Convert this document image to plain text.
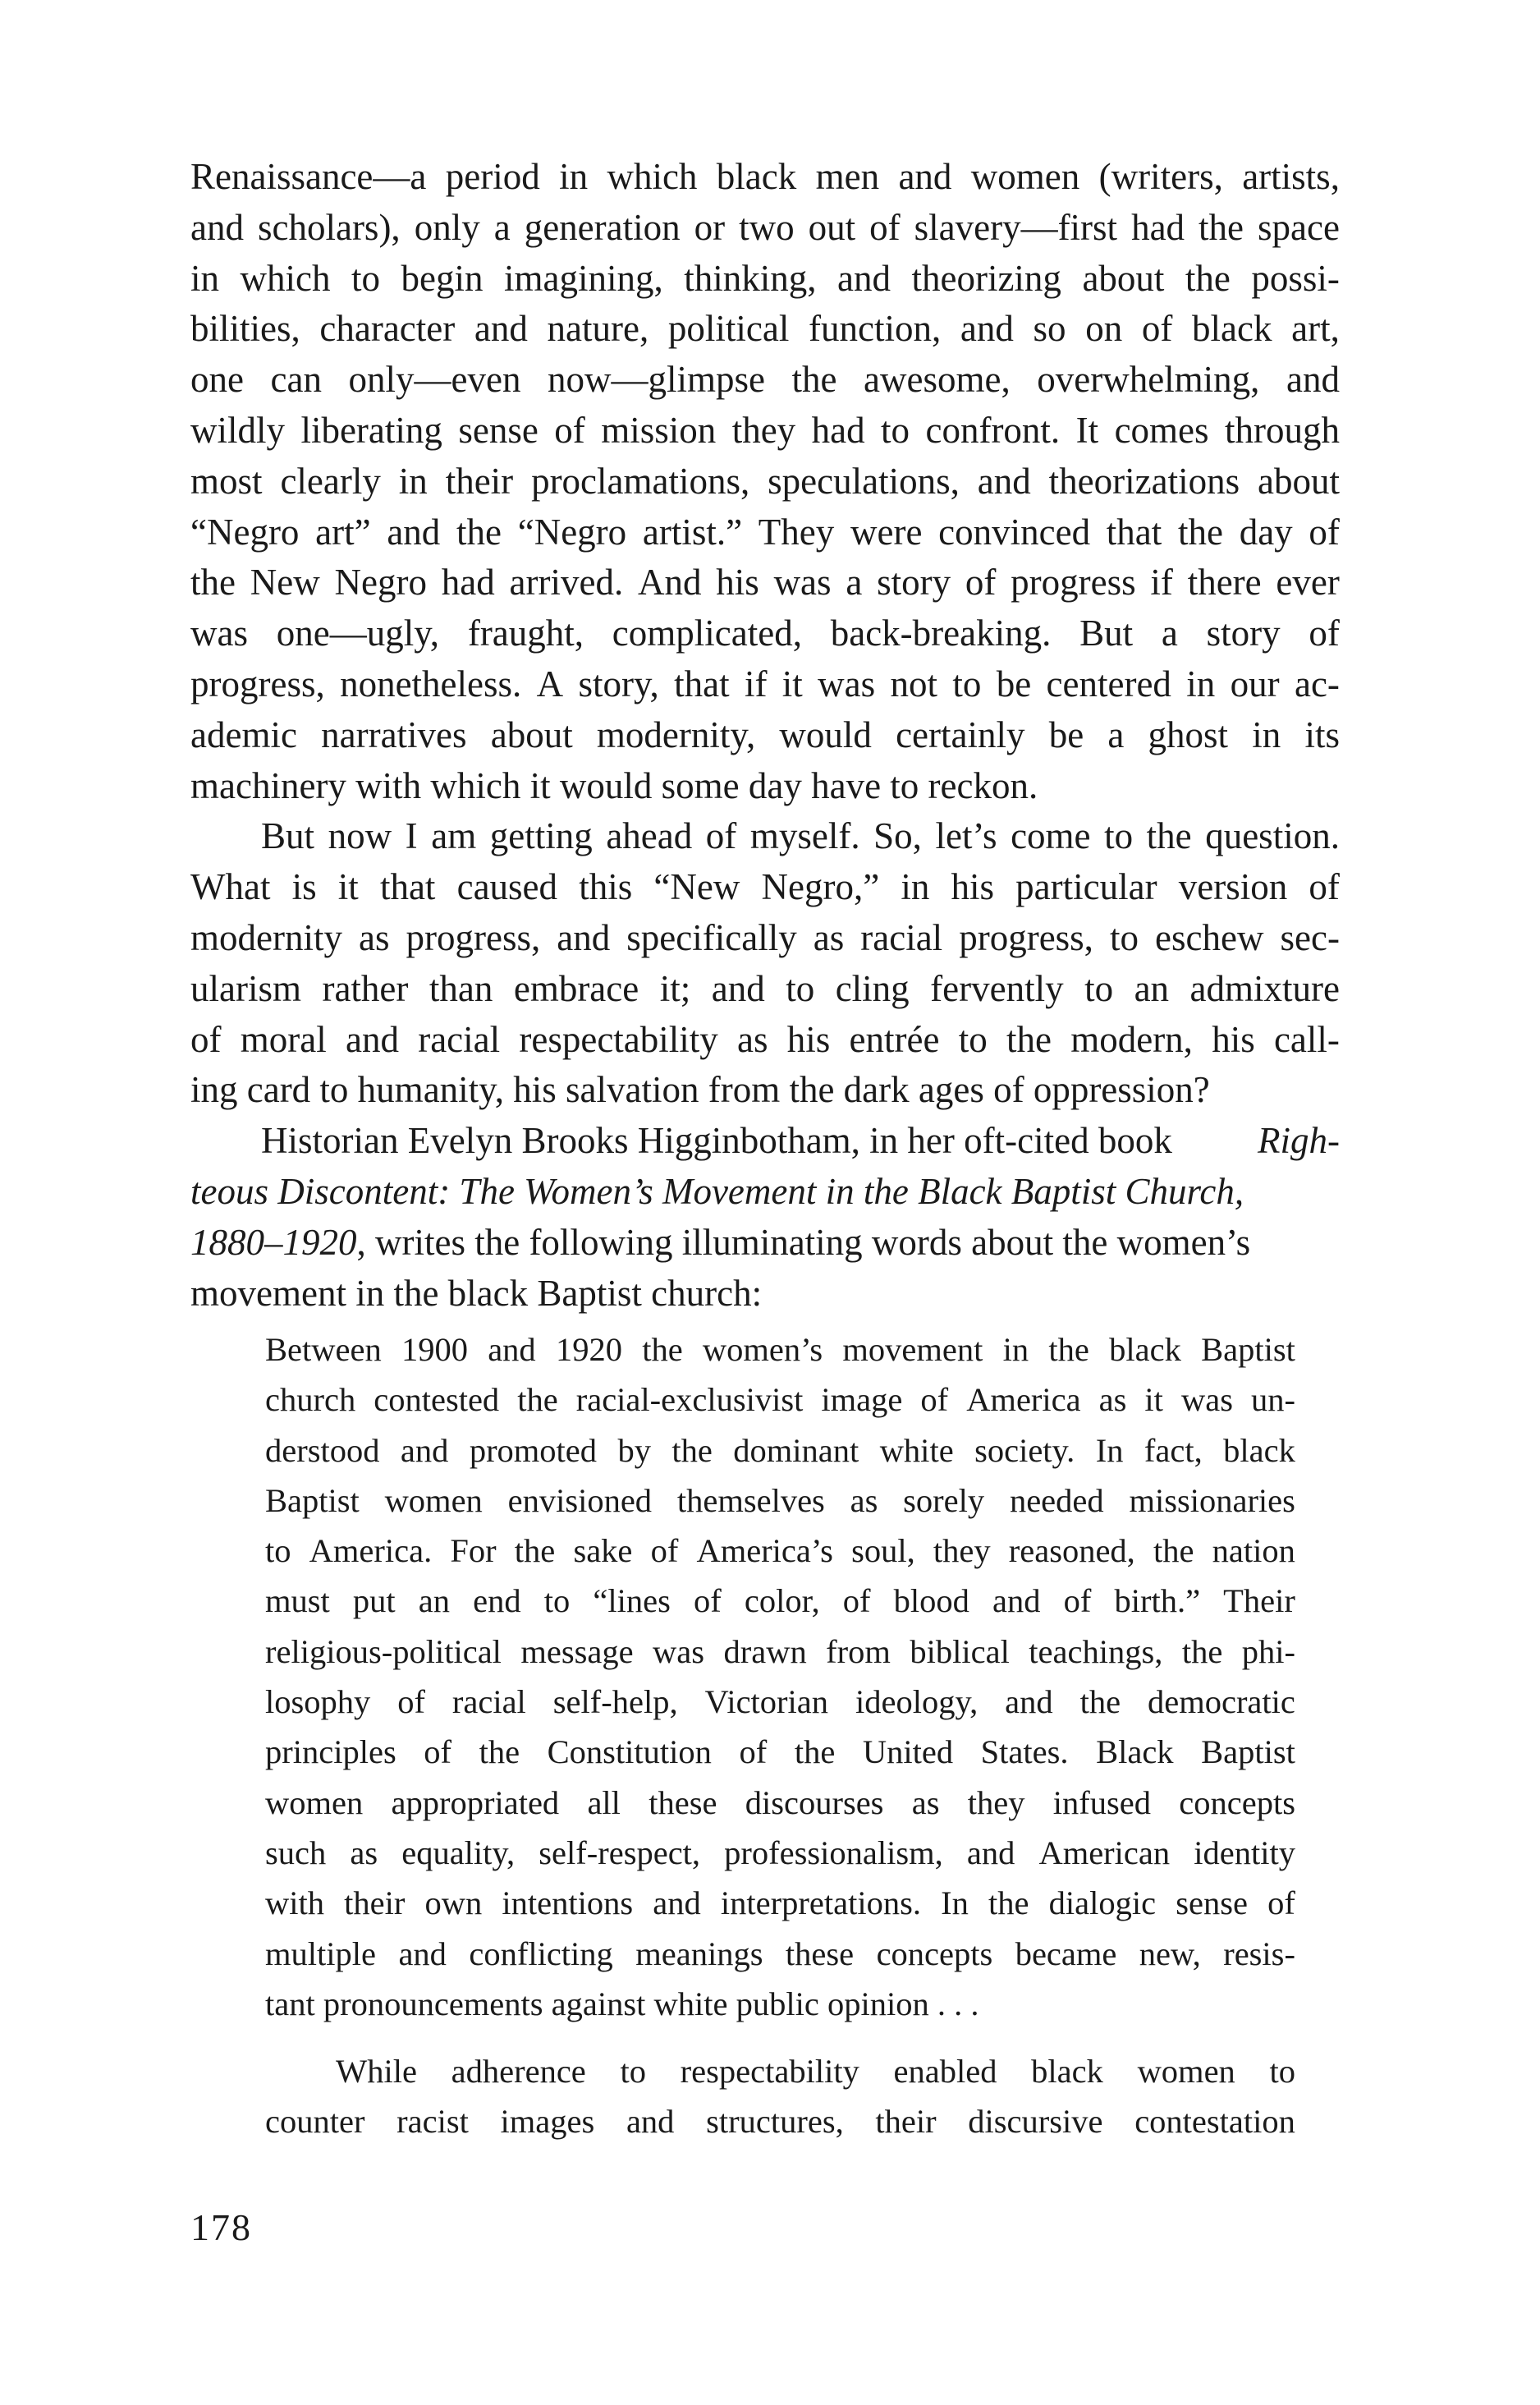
Renaissance—a period in which black men and women (writers, artists,
and scholars), only a generation or two out of slavery—first had the space
in which to begin imagining, thinking, and theorizing about the possi-
bilities, character and nature, political function, and so on of black art,
one can only—even now—glimpse the awesome, overwhelming, and
wildly liberating sense of mission they had to confront. It comes through
most clearly in their proclamations, speculations, and theorizations about
“Negro art” and the “Negro artist.” They were convinced that the day of
the New Negro had arrived. And his was a story of progress if there ever
was one—ugly, fraught, complicated, back-breaking. But a story of
progress, nonetheless. A story, that if it was not to be centered in our ac-
ademic narratives about modernity, would certainly be a ghost in its
machinery with which it would some day have to reckon.
But now I am getting ahead of myself. So, let’s come to the question.
What is it that caused this “New Negro,” in his particular version of
modernity as progress, and specifically as racial progress, to eschew sec-
ularism rather than embrace it; and to cling fervently to an admixture
of moral and racial respectability as his entrée to the modern, his call-
ing card to humanity, his salvation from the dark ages of oppression?
Historian Evelyn Brooks Higginbotham, in her oft-cited book Righ-
teous Discontent: The Women’s Movement in the Black Baptist Church,
1880–1920 , writes the following illuminating words about the women’s
movement in the black Baptist church:
Between 1900 and 1920 the women’s movement in the black Baptist
church contested the racial-exclusivist image of America as it was un-
derstood and promoted by the dominant white society. In fact, black
Baptist women envisioned themselves as sorely needed missionaries
to America. For the sake of America’s soul, they reasoned, the nation
must put an end to “lines of color, of blood and of birth.” Their
religious-political message was drawn from biblical teachings, the phi-
losophy of racial self-help, Victorian ideology, and the democratic
principles of the Constitution of the United States. Black Baptist
women appropriated all these discourses as they infused concepts
such as equality, self-respect, professionalism, and American identity
with their own intentions and interpretations. In the dialogic sense of
multiple and conflicting meanings these concepts became new, resis-
tant pronouncements against white public opinion . . .
While adherence to respectability enabled black women to
counter racist images and structures, their discursive contestation
178
